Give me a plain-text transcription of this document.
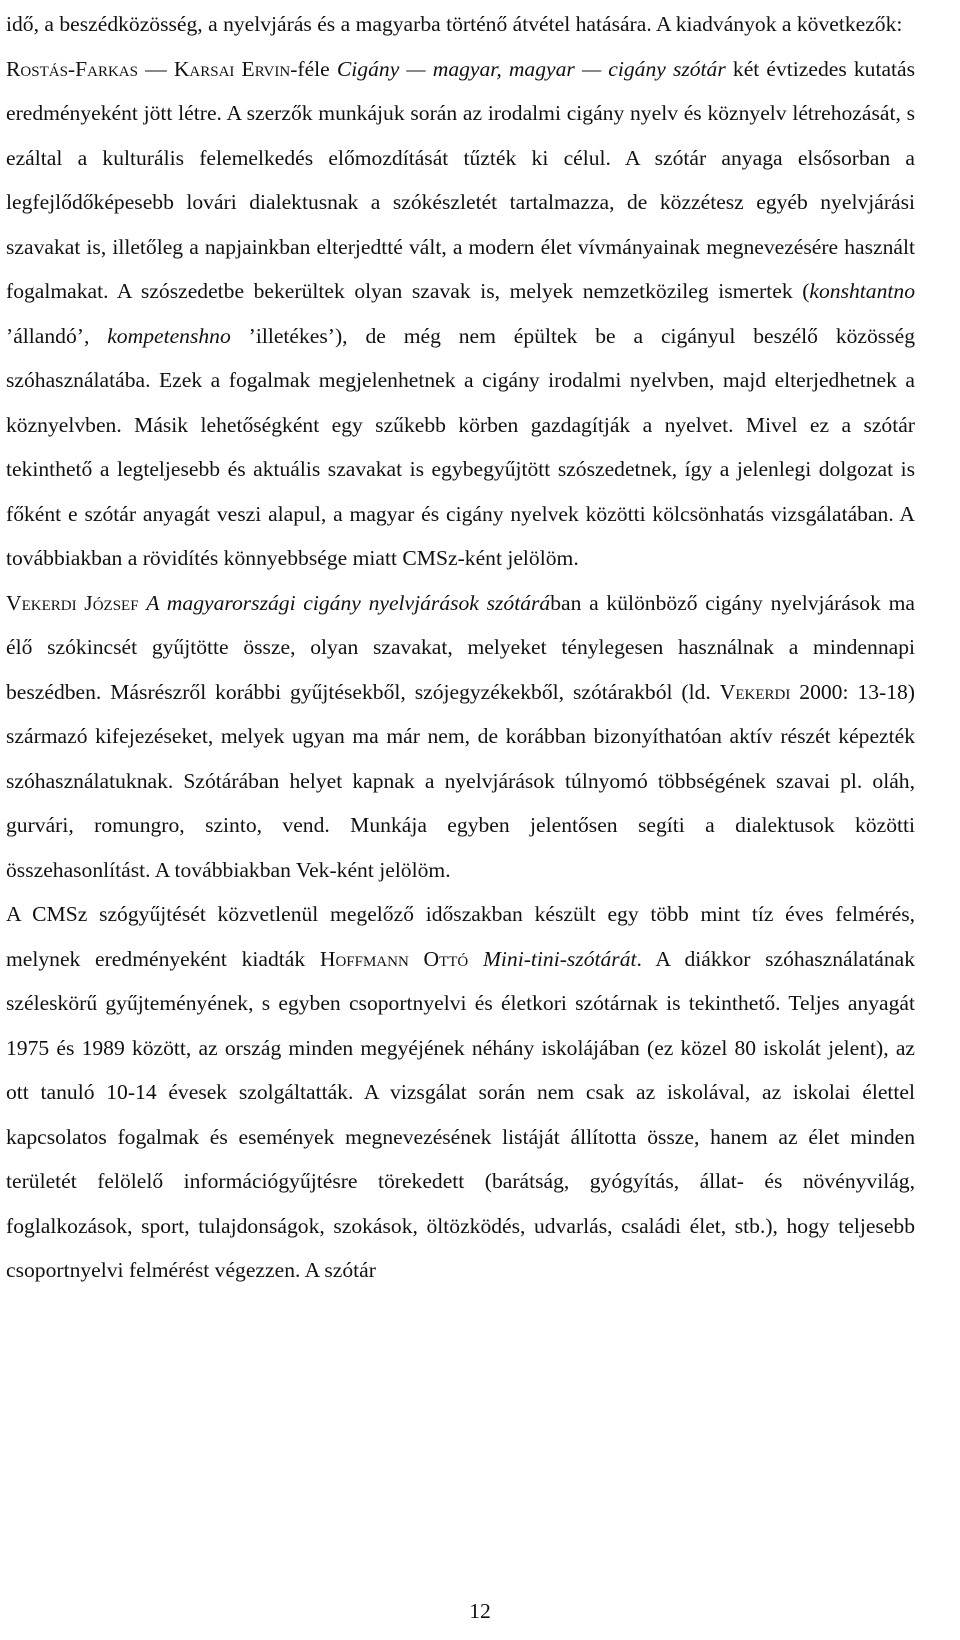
idő, a beszédközösség, a nyelvjárás és a magyarba történő átvétel hatására. A kiadványok a következők:

Rostás-Farkas — Karsai Ervin-féle Cigány — magyar, magyar — cigány szótár két évtizedes kutatás eredményeként jött létre. A szerzők munkájuk során az irodalmi cigány nyelv és köznyelv létrehozását, s ezáltal a kulturális felemelkedés előmozdítását tűzték ki célul. A szótár anyaga elsősorban a legfejlődőképesebb lovári dialektusnak a szókészletét tartalmazza, de közzétesz egyéb nyelvjárási szavakat is, illetőleg a napjainkban elterjedtté vált, a modern élet vívmányainak megnevezésére használt fogalmakat. A szószedetbe bekerültek olyan szavak is, melyek nemzetközileg ismertek (konshtantno ’állandó’, kompetenshno ’illetékes’), de még nem épültek be a cigányul beszélő közösség szóhasználatába. Ezek a fogalmak megjelenhetnek a cigány irodalmi nyelvben, majd elterjedhetnek a köznyelvben. Másik lehetőségként egy szűkebb körben gazdagítják a nyelvet. Mivel ez a szótár tekinthető a legteljesebb és aktuális szavakat is egybegyűjtött szószedetnek, így a jelenlegi dolgozat is főként e szótár anyagát veszi alapul, a magyar és cigány nyelvek közötti kölcsönhatás vizsgálatában. A továbbiakban a rövidítés könnyebbsége miatt CMSz-ként jelölöm.

Vekerdi József A magyarországi cigány nyelvjárások szótárában a különböző cigány nyelvjárások ma élő szókincsét gyűjtötte össze, olyan szavakat, melyeket ténylegesen használnak a mindennapi beszédben. Másrészről korábbi gyűjtésekből, szójegyzékekből, szótárakból (ld. Vekerdi 2000: 13-18) származó kifejezéseket, melyek ugyan ma már nem, de korábban bizonyíthatóan aktív részét képezték szóhasználatuknak. Szótárában helyet kapnak a nyelvjárások túlnyomó többségének szavai pl. oláh, gurvári, romungro, szinto, vend. Munkája egyben jelentősen segíti a dialektusok közötti összehasonlítást. A továbbiakban Vek-ként jelölöm.

A CMSz szógyűjtését közvetlenül megelőző időszakban készült egy több mint tíz éves felmérés, melynek eredményeként kiadták Hoffmann Ottó Mini-tini-szótárát. A diákkor szóhasználatának széleskörű gyűjteményének, s egyben csoportnyelvi és életkori szótárnak is tekinthető. Teljes anyagát 1975 és 1989 között, az ország minden megyéjének néhány iskolájában (ez közel 80 iskolát jelent), az ott tanuló 10-14 évesek szolgáltatták. A vizsgálat során nem csak az iskolával, az iskolai élettel kapcsolatos fogalmak és események megnevezésének listáját állította össze, hanem az élet minden területét felölelő információgyűjtésre törekedett (barátság, gyógyítás, állat- és növényvilág, foglalkozások, sport, tulajdonságok, szokások, öltözködés, udvarlás, családi élet, stb.), hogy teljesebb csoportnyelvi felmérést végezzen. A szótár

12
